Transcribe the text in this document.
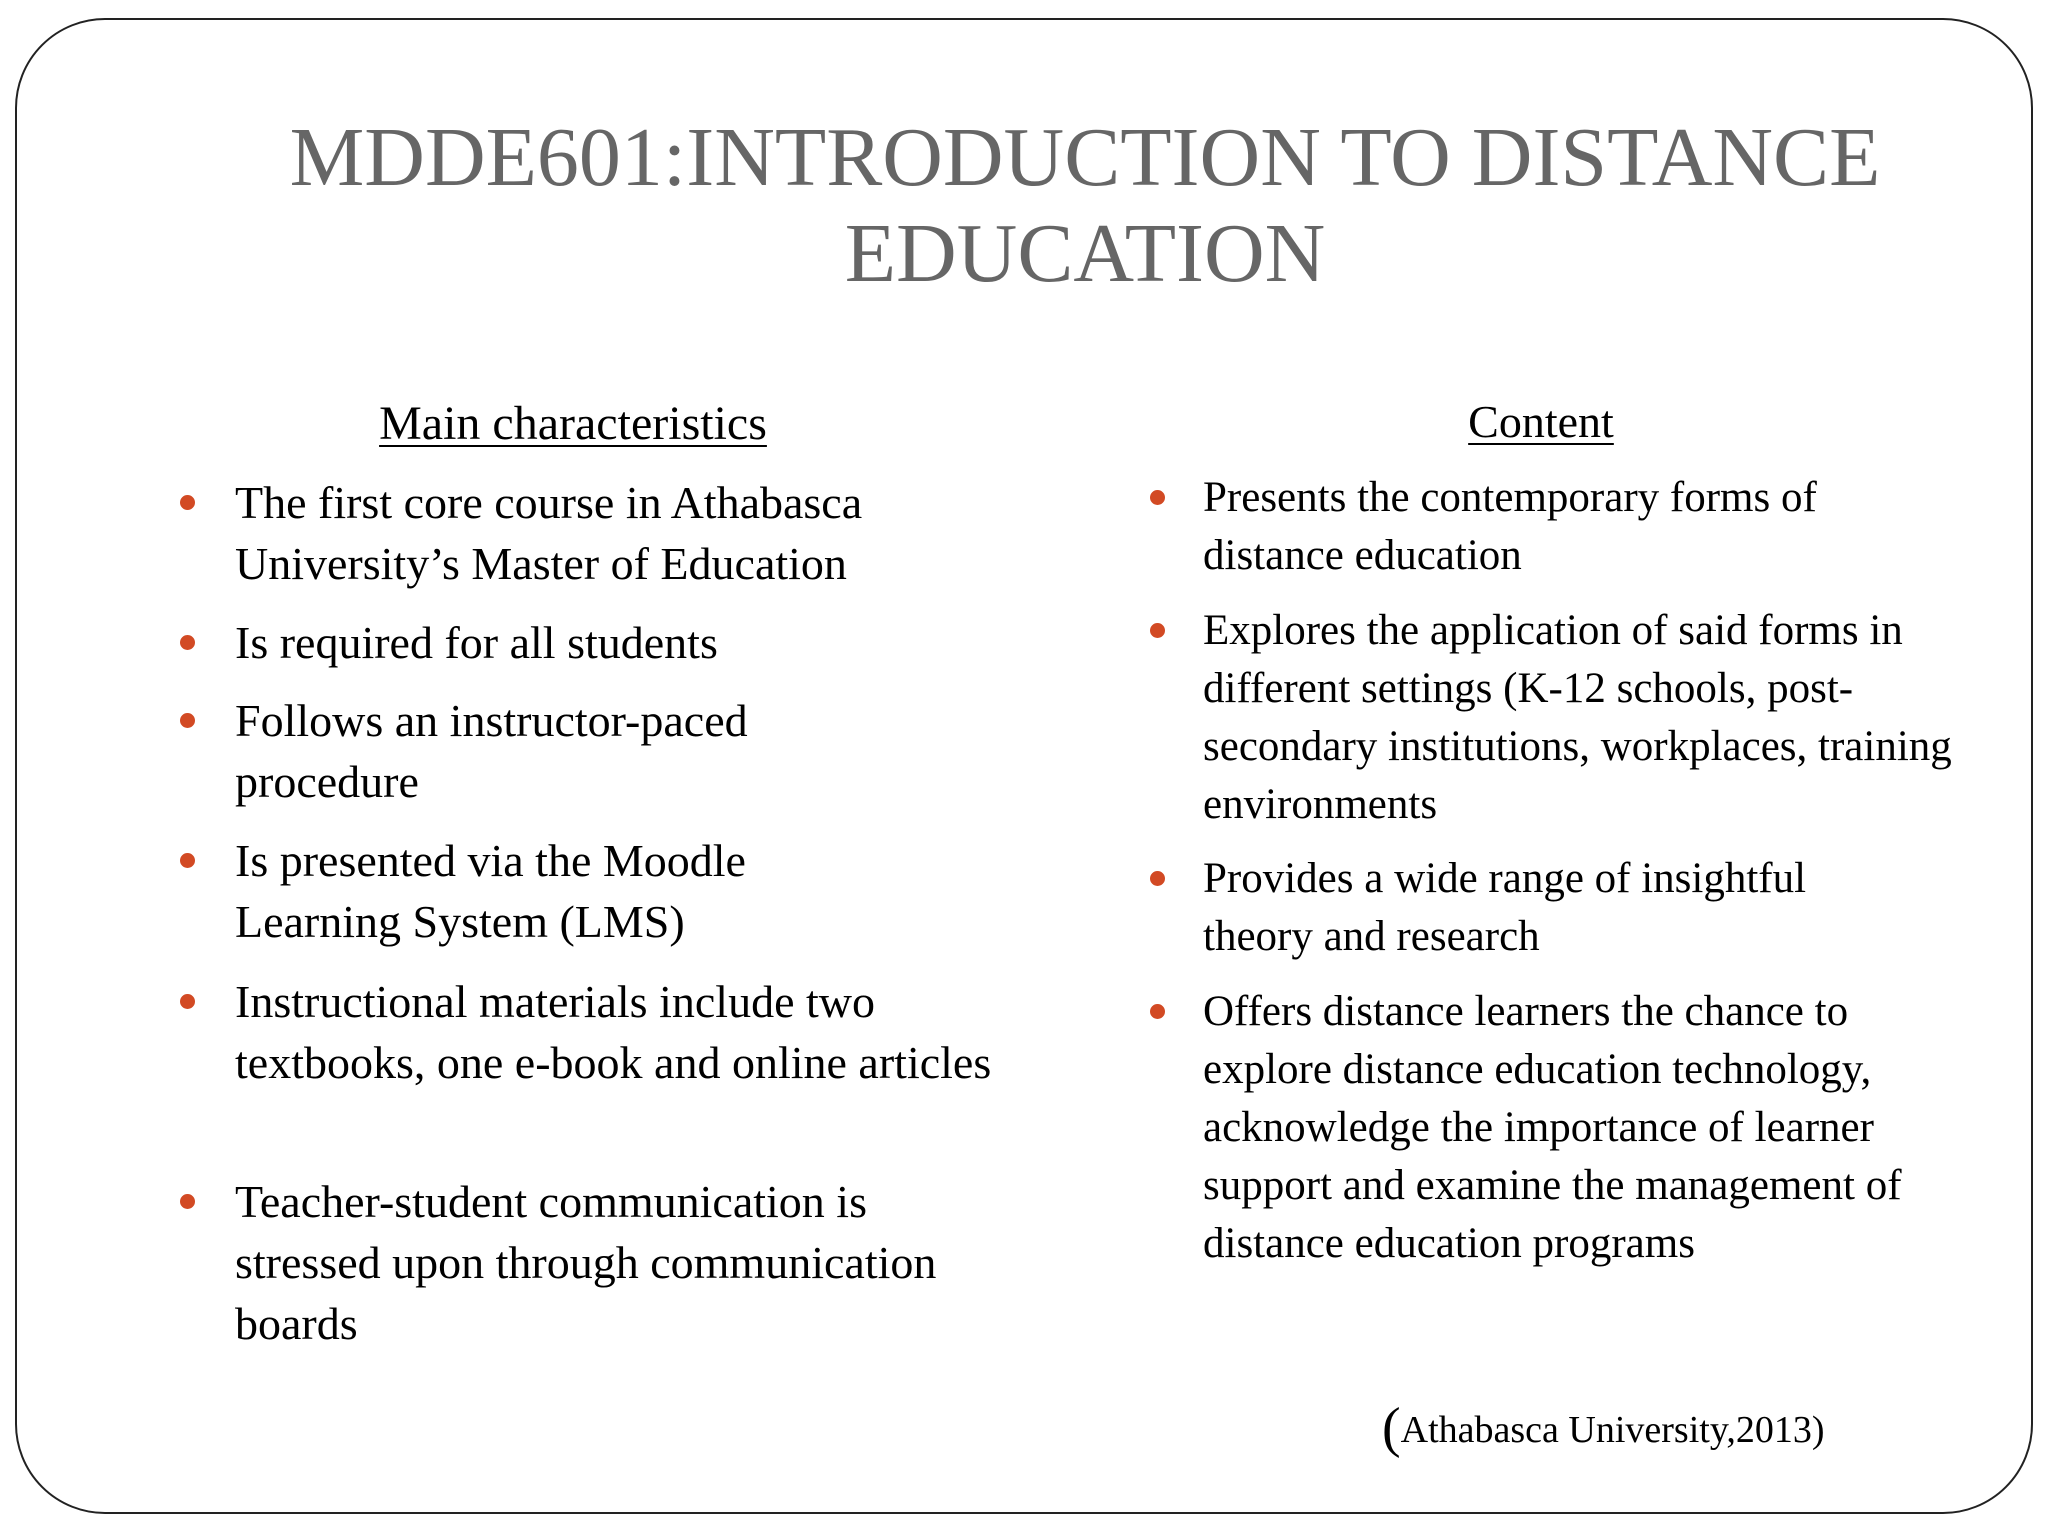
MDDE601:INTRODUCTION TO DISTANCE EDUCATION
Main characteristics	Content
The first core course in Athabasca University’s Master of Education
Is required for all students
Follows an instructor-paced procedure
Is presented via the Moodle Learning System (LMS)
Instructional materials include two textbooks, one e-book and online articles
Teacher-student communication is stressed upon through communication boards
Presents the contemporary forms of distance education
Explores the application of said forms in different settings (K-12 schools, post-secondary institutions, workplaces, training environments
Provides a wide range of insightful theory and research
Offers distance learners the chance to explore distance education technology, acknowledge the importance of learner support and examine the management of distance education programs
(Athabasca University,2013)
